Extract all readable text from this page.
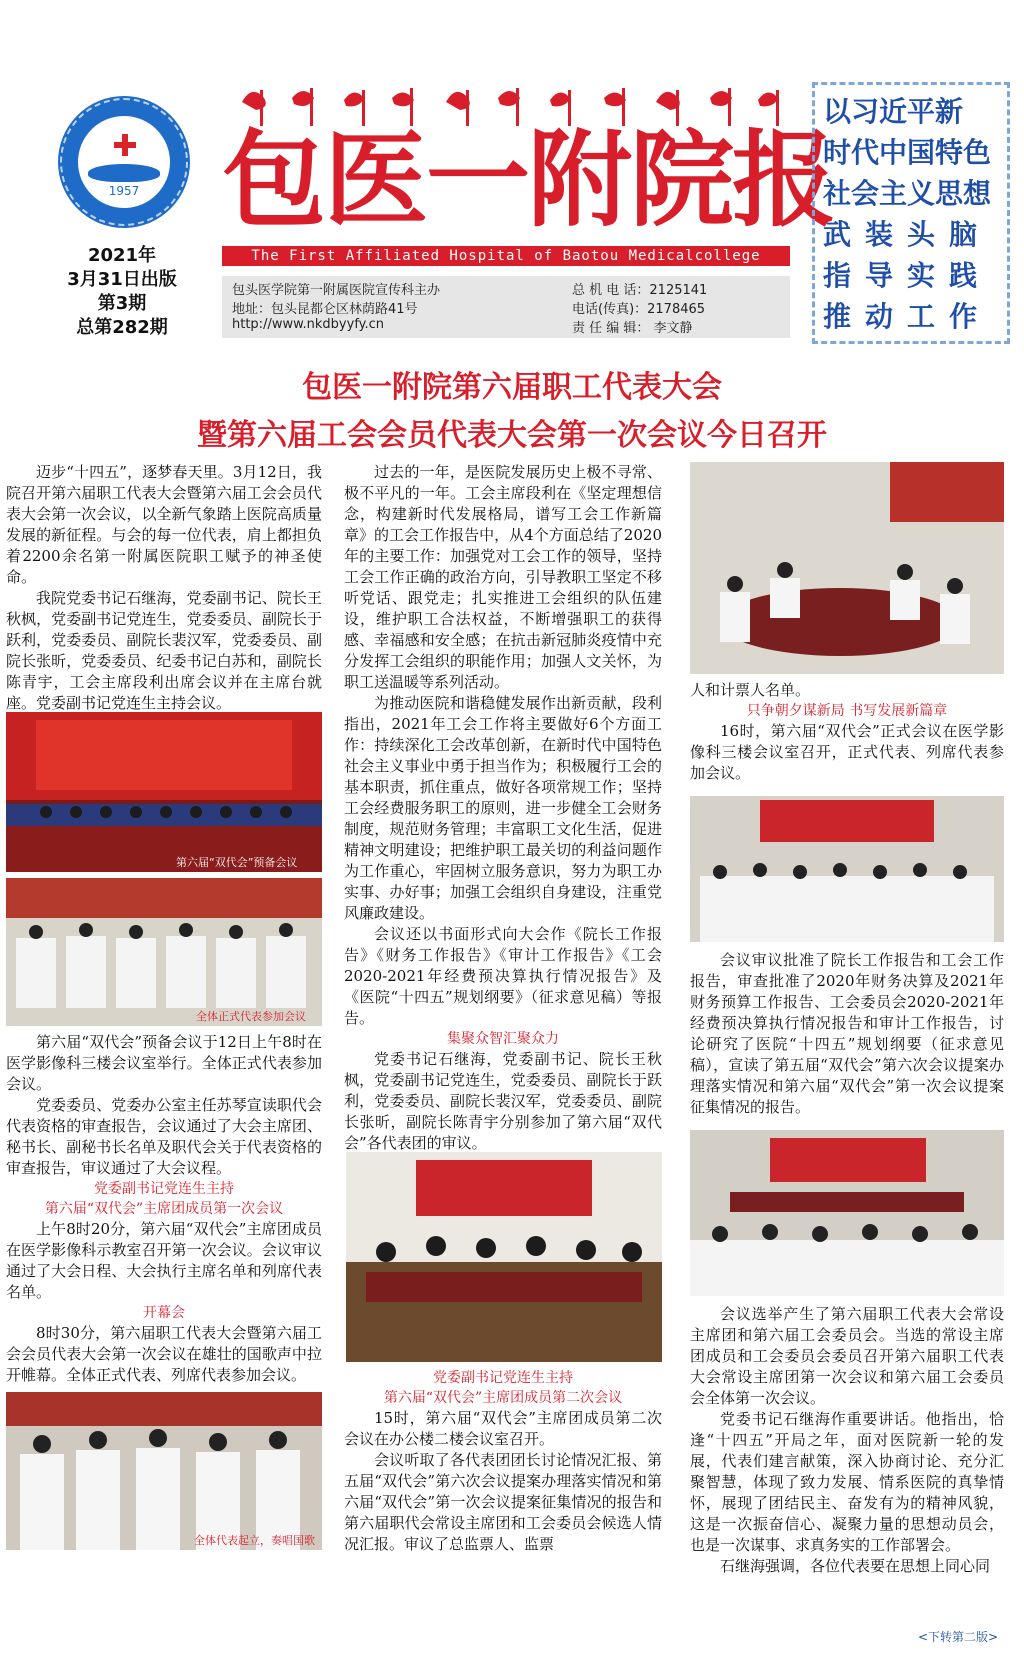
1957 包医一附院报
The First Affiliated Hospital of Baotou Medicalcollege
包头医学院第一附属医院宣传科主办
地址：包头昆都仑区林荫路41号
http://www.nkdbyyfy.cn
总 机 电 话：2125141
电话(传真)：2178465
责 任 编 辑： 李文静
2021年
3月31日出版
第3期
总第282期
以习近平新
时代中国特色
社会主义思想
武装头脑
指导实践
推动工作
包医一附院第六届职工代表大会
暨第六届工会会员代表大会第一次会议今日召开

迈步“十四五”，逐梦春天里。3月12日，我院召开第六届职工代表大会暨第六届工会会员代表大会第一次会议，以全新气象踏上医院高质量发展的新征程。与会的每一位代表，肩上都担负着2200余名第一附属医院职工赋予的神圣使命。

我院党委书记石继海，党委副书记、院长王秋枫，党委副书记党连生，党委委员、副院长于跃利，党委委员、副院长裴汉军，党委委员、副院长张昕，党委委员、纪委书记白苏和，副院长陈青宇，工会主席段利出席会议并在主席台就座。党委副书记党连生主持会议。

第六届“双代会”预备会议
全体正式代表参加会议

第六届“双代会”预备会议于12日上午8时在医学影像科三楼会议室举行。全体正式代表参加会议。

党委委员、党委办公室主任苏琴宣读职代会代表资格的审查报告，会议通过了大会主席团、秘书长、副秘书长名单及职代会关于代表资格的审查报告，审议通过了大会议程。

党委副书记党连生主持

第六届“双代会”主席团成员第一次会议

上午8时20分，第六届“双代会”主席团成员在医学影像科示教室召开第一次会议。会议审议通过了大会日程、大会执行主席名单和列席代表名单。

开幕会

8时30分，第六届职工代表大会暨第六届工会会员代表大会第一次会议在雄壮的国歌声中拉开帷幕。全体正式代表、列席代表参加会议。

全体代表起立，奏唱国歌

过去的一年，是医院发展历史上极不寻常、极不平凡的一年。工会主席段利在《坚定理想信念，构建新时代发展格局，谱写工会工作新篇章》的工会工作报告中，从4个方面总结了2020年的主要工作：加强党对工会工作的领导，坚持工会工作正确的政治方向，引导教职工坚定不移听党话、跟党走；扎实推进工会组织的队伍建设，维护职工合法权益，不断增强职工的获得感、幸福感和安全感；在抗击新冠肺炎疫情中充分发挥工会组织的职能作用；加强人文关怀，为职工送温暖等系列活动。

为推动医院和谐稳健发展作出新贡献，段利指出，2021年工会工作将主要做好6个方面工作：持续深化工会改革创新，在新时代中国特色社会主义事业中勇于担当作为；积极履行工会的基本职责，抓住重点，做好各项常规工作；坚持工会经费服务职工的原则，进一步健全工会财务制度，规范财务管理；丰富职工文化生活，促进精神文明建设；把维护职工最关切的利益问题作为工作重心，牢固树立服务意识，努力为职工办实事、办好事；加强工会组织自身建设，注重党风廉政建设。

会议还以书面形式向大会作《院长工作报告》《财务工作报告》《审计工作报告》《工会2020-2021年经费预决算执行情况报告》及《医院“十四五”规划纲要》（征求意见稿）等报告。

集聚众智汇聚众力

党委书记石继海，党委副书记、院长王秋枫，党委副书记党连生，党委委员、副院长于跃利，党委委员、副院长裴汉军，党委委员、副院长张昕，副院长陈青宇分别参加了第六届“双代会”各代表团的审议。

党委副书记党连生主持

第六届“双代会”主席团成员第二次会议

15时，第六届“双代会”主席团成员第二次会议在办公楼二楼会议室召开。

会议听取了各代表团团长讨论情况汇报、第五届“双代会”第六次会议提案办理落实情况和第六届“双代会”第一次会议提案征集情况的报告和第六届职代会常设主席团和工会委员会候选人情况汇报。审议了总监票人、监票

人和计票人名单。

只争朝夕谋新局 书写发展新篇章

16时，第六届“双代会”正式会议在医学影像科三楼会议室召开，正式代表、列席代表参加会议。

会议审议批准了院长工作报告和工会工作报告，审查批准了2020年财务决算及2021年财务预算工作报告、工会委员会2020-2021年经费预决算执行情况报告和审计工作报告，讨论研究了医院“十四五”规划纲要（征求意见稿），宣读了第五届“双代会”第六次会议提案办理落实情况和第六届“双代会”第一次会议提案征集情况的报告。

会议选举产生了第六届职工代表大会常设主席团和第六届工会委员会。当选的常设主席团成员和工会委员会委员召开第六届职工代表大会常设主席团第一次会议和第六届工会委员会全体第一次会议。

党委书记石继海作重要讲话。他指出，恰逢“十四五”开局之年，面对医院新一轮的发展，代表们建言献策，深入协商讨论、充分汇聚智慧，体现了致力发展、情系医院的真挚情怀，展现了团结民主、奋发有为的精神风貌，这是一次振奋信心、凝聚力量的思想动员会，也是一次谋事、求真务实的工作部署会。

石继海强调，各位代表要在思想上同心同

<下转第二版>
